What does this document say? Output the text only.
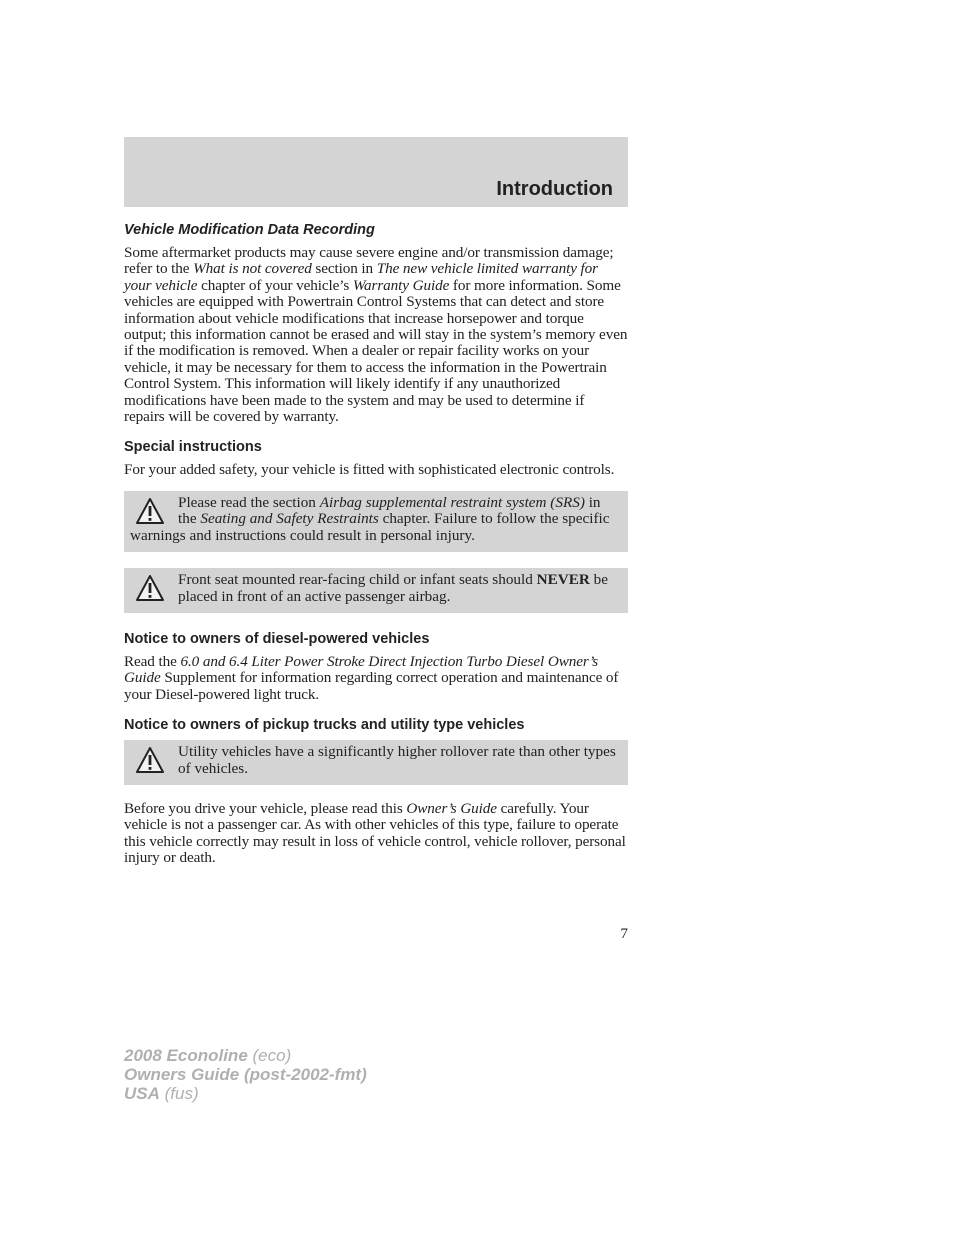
Introduction
Vehicle Modification Data Recording

Some aftermarket products may cause severe engine and/or transmission damage; refer to the What is not covered section in The new vehicle limited warranty for your vehicle chapter of your vehicle’s Warranty Guide for more information. Some vehicles are equipped with Powertrain Control Systems that can detect and store information about vehicle modifications that increase horsepower and torque output; this information cannot be erased and will stay in the system’s memory even if the modification is removed. When a dealer or repair facility works on your vehicle, it may be necessary for them to access the information in the Powertrain Control System. This information will likely identify if any unauthorized modifications have been made to the system and may be used to determine if repairs will be covered by warranty.

Special instructions

For your added safety, your vehicle is fitted with sophisticated electronic controls.

Please read the section Airbag supplemental restraint system (SRS) in the Seating and Safety Restraints chapter. Failure to follow the specific warnings and instructions could result in personal injury.
Front seat mounted rear-facing child or infant seats should NEVER be placed in front of an active passenger airbag.
Notice to owners of diesel-powered vehicles

Read the 6.0 and 6.4 Liter Power Stroke Direct Injection Turbo Diesel Owner’s Guide Supplement for information regarding correct operation and maintenance of your Diesel-powered light truck.

Notice to owners of pickup trucks and utility type vehicles
Utility vehicles have a significantly higher rollover rate than other types of vehicles.

Before you drive your vehicle, please read this Owner’s Guide carefully. Your vehicle is not a passenger car. As with other vehicles of this type, failure to operate this vehicle correctly may result in loss of vehicle control, vehicle rollover, personal injury or death.

7
2008 Econoline (eco)
Owners Guide (post-2002-fmt)
USA (fus)
